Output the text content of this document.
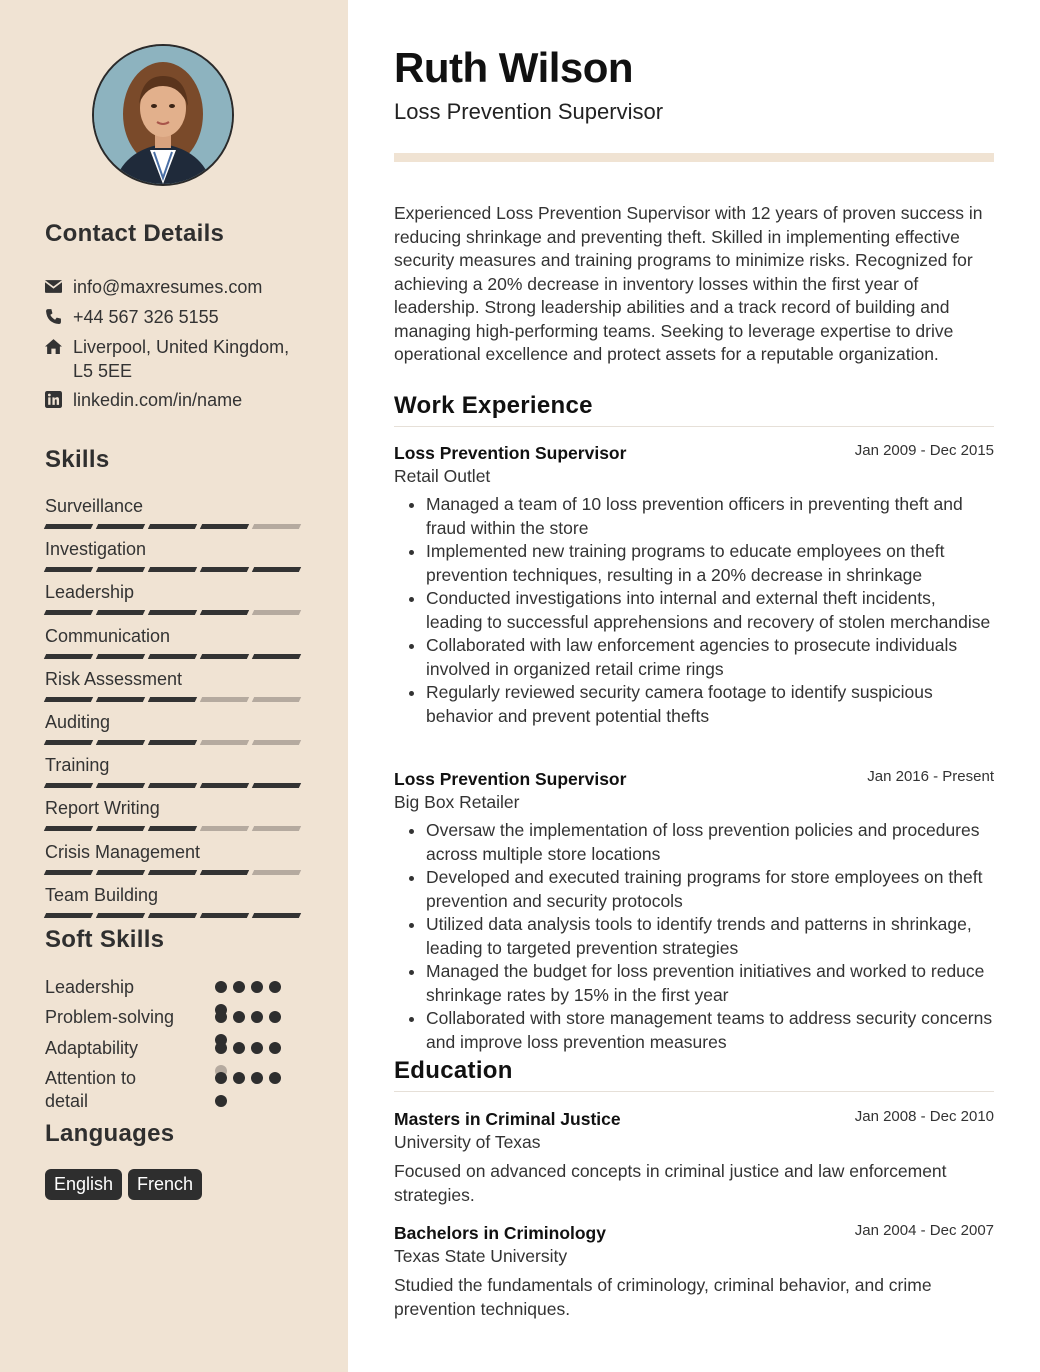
Contact Details
info@maxresumes.com
+44 567 326 5155
Liverpool, United Kingdom,
L5 5EE
linkedin.com/in/name
Skills
Surveillance
Investigation
Leadership
Communication
Risk Assessment
Auditing
Training
Report Writing
Crisis Management
Team Building
Soft Skills
Leadership
Problem-solving
Adaptability
Attention to detail
Languages
English	French
Ruth Wilson
Loss Prevention Supervisor

Experienced Loss Prevention Supervisor with 12 years of proven success in reducing shrinkage and preventing theft. Skilled in implementing effective security measures and training programs to minimize risks. Recognized for achieving a 20% decrease in inventory losses within the first year of leadership. Strong leadership abilities and a track record of building and managing high-performing teams. Seeking to leverage expertise to drive operational excellence and protect assets for a reputable organization.

Work Experience
Loss Prevention Supervisor	Jan 2009 - Dec 2015
Retail Outlet
• Managed a team of 10 loss prevention officers in preventing theft and fraud within the store
• Implemented new training programs to educate employees on theft prevention techniques, resulting in a 20% decrease in shrinkage
• Conducted investigations into internal and external theft incidents, leading to successful apprehensions and recovery of stolen merchandise
• Collaborated with law enforcement agencies to prosecute individuals involved in organized retail crime rings
• Regularly reviewed security camera footage to identify suspicious behavior and prevent potential thefts
Loss Prevention Supervisor	Jan 2016 - Present
Big Box Retailer
• Oversaw the implementation of loss prevention policies and procedures across multiple store locations
• Developed and executed training programs for store employees on theft prevention and security protocols
• Utilized data analysis tools to identify trends and patterns in shrinkage, leading to targeted prevention strategies
• Managed the budget for loss prevention initiatives and worked to reduce shrinkage rates by 15% in the first year
• Collaborated with store management teams to address security concerns and improve loss prevention measures
Education
Masters in Criminal Justice	Jan 2008 - Dec 2010
University of Texas

Focused on advanced concepts in criminal justice and law enforcement strategies.

Bachelors in Criminology	Jan 2004 - Dec 2007
Texas State University

Studied the fundamentals of criminology, criminal behavior, and crime prevention techniques.
